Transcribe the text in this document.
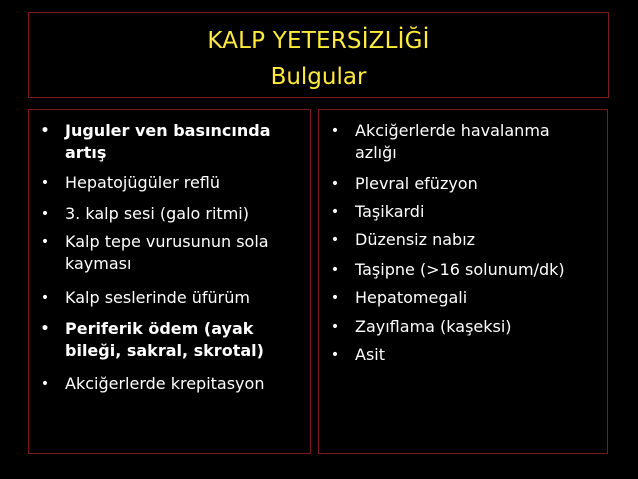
KALP YETERSİZLİĞİ
Bulgular
• Juguler ven basıncında
artış
• Hepatojügüler reflü
• 3. kalp sesi (galo ritmi)
• Kalp tepe vurusunun sola
kayması
• Kalp seslerinde üfürüm
• Periferik ödem (ayak
bileği, sakral, skrotal)
• Akciğerlerde krepitasyon
• Akciğerlerde havalanma
azlığı
• Plevral efüzyon
• Taşikardi
• Düzensiz nabız
• Taşipne (>16 solunum/dk)
• Hepatomegali
• Zayıflama (kaşeksi)
• Asit
